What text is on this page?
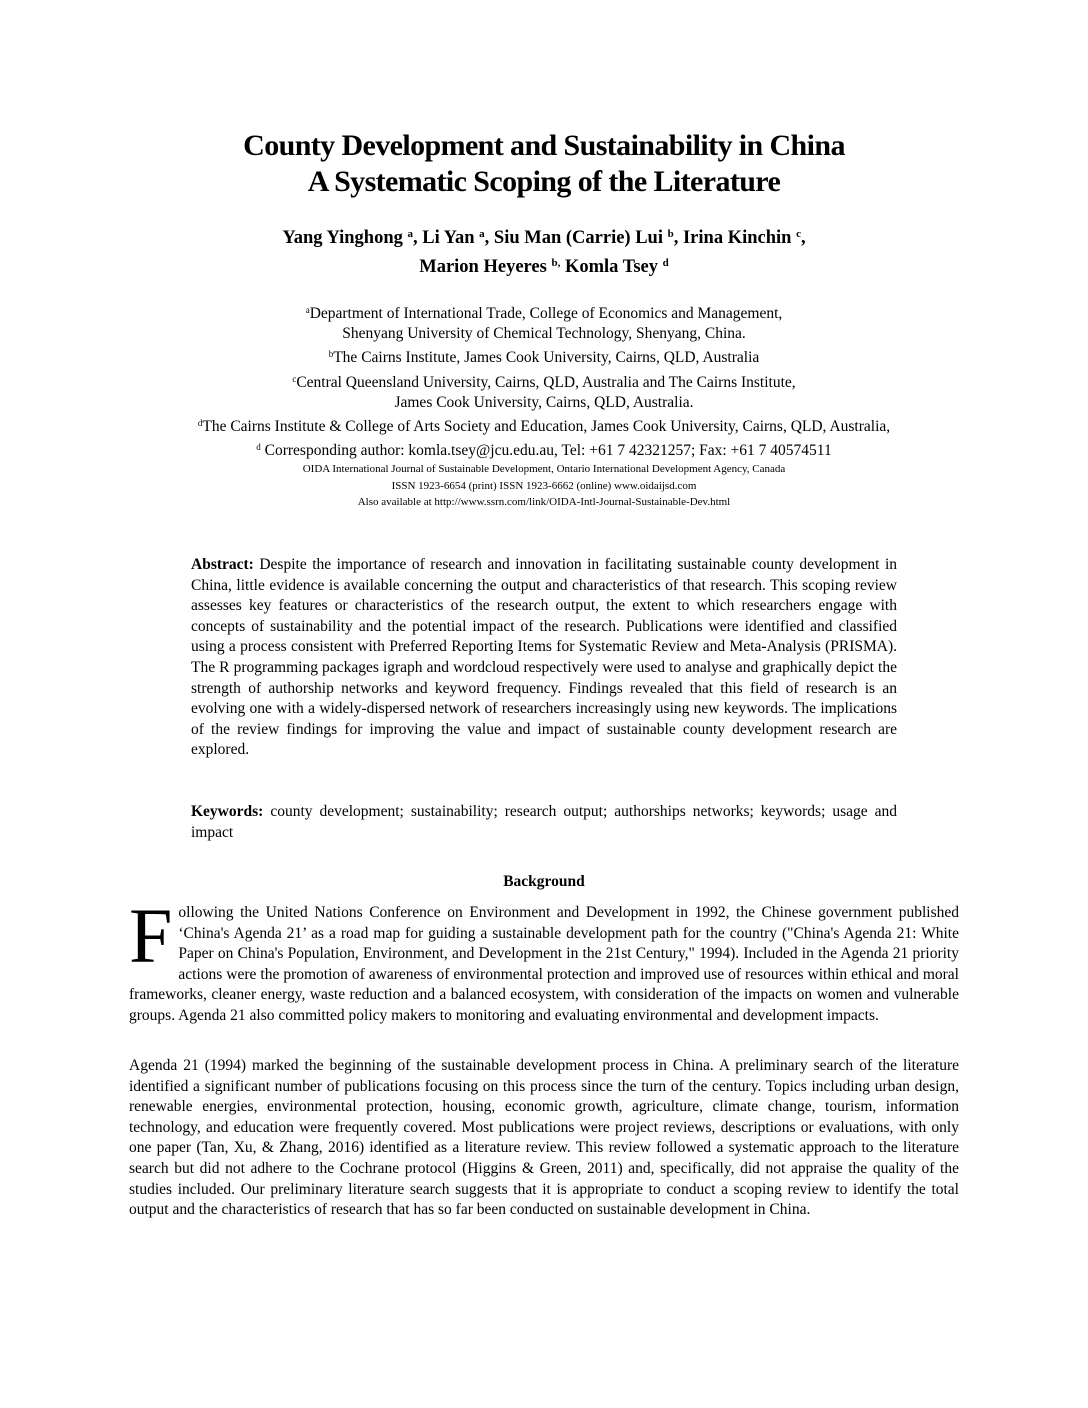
County Development and Sustainability in China
A Systematic Scoping of the Literature
Yang Yinghong $^a$, Li Yan $^a$, Siu Man (Carrie) Lui $^b$, Irina Kinchin $^c$,
Marion Heyeres $^{b,}$ Komla Tsey $^d$
$^a$Department of International Trade, College of Economics and Management,
Shenyang University of Chemical Technology, Shenyang, China.
$^b$The Cairns Institute, James Cook University, Cairns, QLD, Australia
$^c$Central Queensland University, Cairns, QLD, Australia and The Cairns Institute,
James Cook University, Cairns, QLD, Australia.
$^d$The Cairns Institute & College of Arts Society and Education, James Cook University, Cairns, QLD, Australia,
$^d$ Corresponding author: komla.tsey@jcu.edu.au, Tel: +61 7 42321257; Fax: +61 7 40574511
OIDA International Journal of Sustainable Development, Ontario International Development Agency, Canada
ISSN 1923-6654 (print) ISSN 1923-6662 (online) www.oidaijsd.com
Also available at http://www.ssrn.com/link/OIDA-Intl-Journal-Sustainable-Dev.html
Abstract: Despite the importance of research and innovation in facilitating sustainable county development in China, little evidence is available concerning the output and characteristics of that research. This scoping review assesses key features or characteristics of the research output, the extent to which researchers engage with concepts of sustainability and the potential impact of the research. Publications were identified and classified using a process consistent with Preferred Reporting Items for Systematic Review and Meta-Analysis (PRISMA). The R programming packages igraph and wordcloud respectively were used to analyse and graphically depict the strength of authorship networks and keyword frequency. Findings revealed that this field of research is an evolving one with a widely-dispersed network of researchers increasingly using new keywords. The implications of the review findings for improving the value and impact of sustainable county development research are explored.
Keywords: county development; sustainability; research output; authorships networks; keywords; usage and impact
Background
Following the United Nations Conference on Environment and Development in 1992, the Chinese government published ‘China's Agenda 21’ as a road map for guiding a sustainable development path for the country ("China's Agenda 21: White Paper on China's Population, Environment, and Development in the 21st Century," 1994). Included in the Agenda 21 priority actions were the promotion of awareness of environmental protection and improved use of resources within ethical and moral frameworks, cleaner energy, waste reduction and a balanced ecosystem, with consideration of the impacts on women and vulnerable groups. Agenda 21 also committed policy makers to monitoring and evaluating environmental and development impacts.
Agenda 21 (1994) marked the beginning of the sustainable development process in China. A preliminary search of the literature identified a significant number of publications focusing on this process since the turn of the century. Topics including urban design, renewable energies, environmental protection, housing, economic growth, agriculture, climate change, tourism, information technology, and education were frequently covered. Most publications were project reviews, descriptions or evaluations, with only one paper (Tan, Xu, & Zhang, 2016) identified as a literature review. This review followed a systematic approach to the literature search but did not adhere to the Cochrane protocol (Higgins & Green, 2011) and, specifically, did not appraise the quality of the studies included. Our preliminary literature search suggests that it is appropriate to conduct a scoping review to identify the total output and the characteristics of research that has so far been conducted on sustainable development in China.
